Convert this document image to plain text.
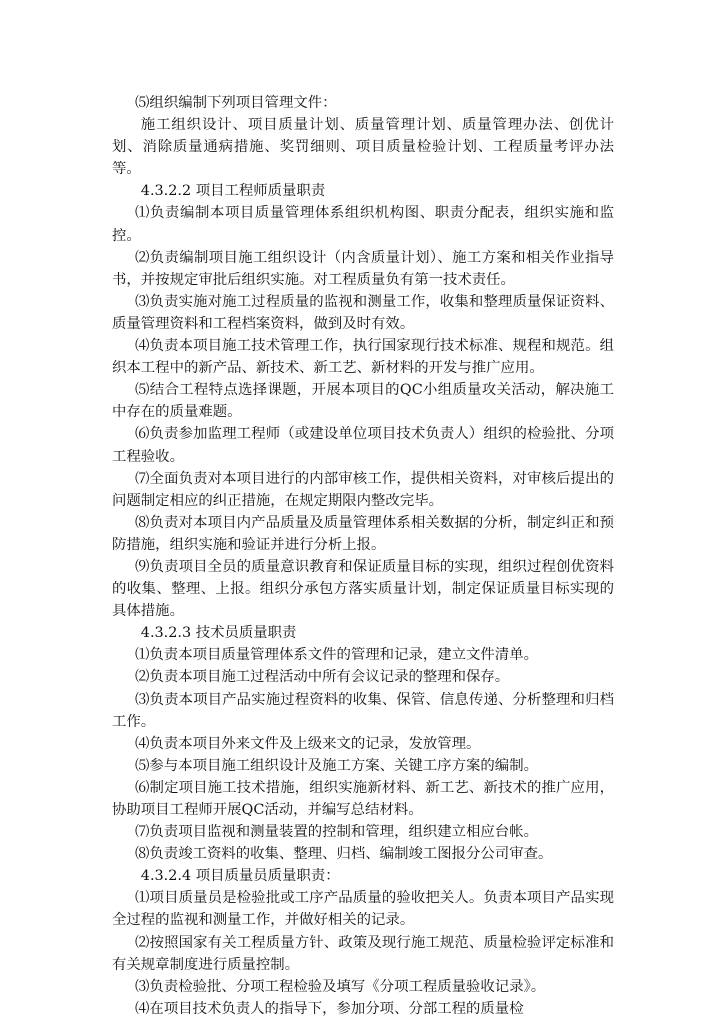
⑸组织编制下列项目管理文件：

施工组织设计、项目质量计划、质量管理计划、质量管理办法、创优计划、消除质量通病措施、奖罚细则、项目质量检验计划、工程质量考评办法等。

4.3.2.2 项目工程师质量职责

⑴负责编制本项目质量管理体系组织机构图、职责分配表，组织实施和监控。

⑵负责编制项目施工组织设计（内含质量计划）、施工方案和相关作业指导书，并按规定审批后组织实施。对工程质量负有第一技术责任。

⑶负责实施对施工过程质量的监视和测量工作，收集和整理质量保证资料、质量管理资料和工程档案资料，做到及时有效。

⑷负责本项目施工技术管理工作，执行国家现行技术标准、规程和规范。组织本工程中的新产品、新技术、新工艺、新材料的开发与推广应用。

⑸结合工程特点选择课题，开展本项目的QC小组质量攻关活动，解决施工中存在的质量难题。

⑹负责参加监理工程师（或建设单位项目技术负责人）组织的检验批、分项工程验收。

⑺全面负责对本项目进行的内部审核工作，提供相关资料，对审核后提出的问题制定相应的纠正措施，在规定期限内整改完毕。

⑻负责对本项目内产品质量及质量管理体系相关数据的分析，制定纠正和预防措施，组织实施和验证并进行分析上报。

⑼负责项目全员的质量意识教育和保证质量目标的实现，组织过程创优资料的收集、整理、上报。组织分承包方落实质量计划，制定保证质量目标实现的具体措施。

4.3.2.3 技术员质量职责

⑴负责本项目质量管理体系文件的管理和记录，建立文件清单。

⑵负责本项目施工过程活动中所有会议记录的整理和保存。

⑶负责本项目产品实施过程资料的收集、保管、信息传递、分析整理和归档工作。

⑷负责本项目外来文件及上级来文的记录，发放管理。

⑸参与本项目施工组织设计及施工方案、关键工序方案的编制。

⑹制定项目施工技术措施，组织实施新材料、新工艺、新技术的推广应用，协助项目工程师开展QC活动，并编写总结材料。

⑺负责项目监视和测量装置的控制和管理，组织建立相应台帐。

⑻负责竣工资料的收集、整理、归档、编制竣工图报分公司审查。

4.3.2.4 项目质量员质量职责：

⑴项目质量员是检验批或工序产品质量的验收把关人。负责本项目产品实现全过程的监视和测量工作，并做好相关的记录。

⑵按照国家有关工程质量方针、政策及现行施工规范、质量检验评定标准和有关规章制度进行质量控制。

⑶负责检验批、分项工程检验及填写《分项工程质量验收记录》。

⑷在项目技术负责人的指导下，参加分项、分部工程的质量检
